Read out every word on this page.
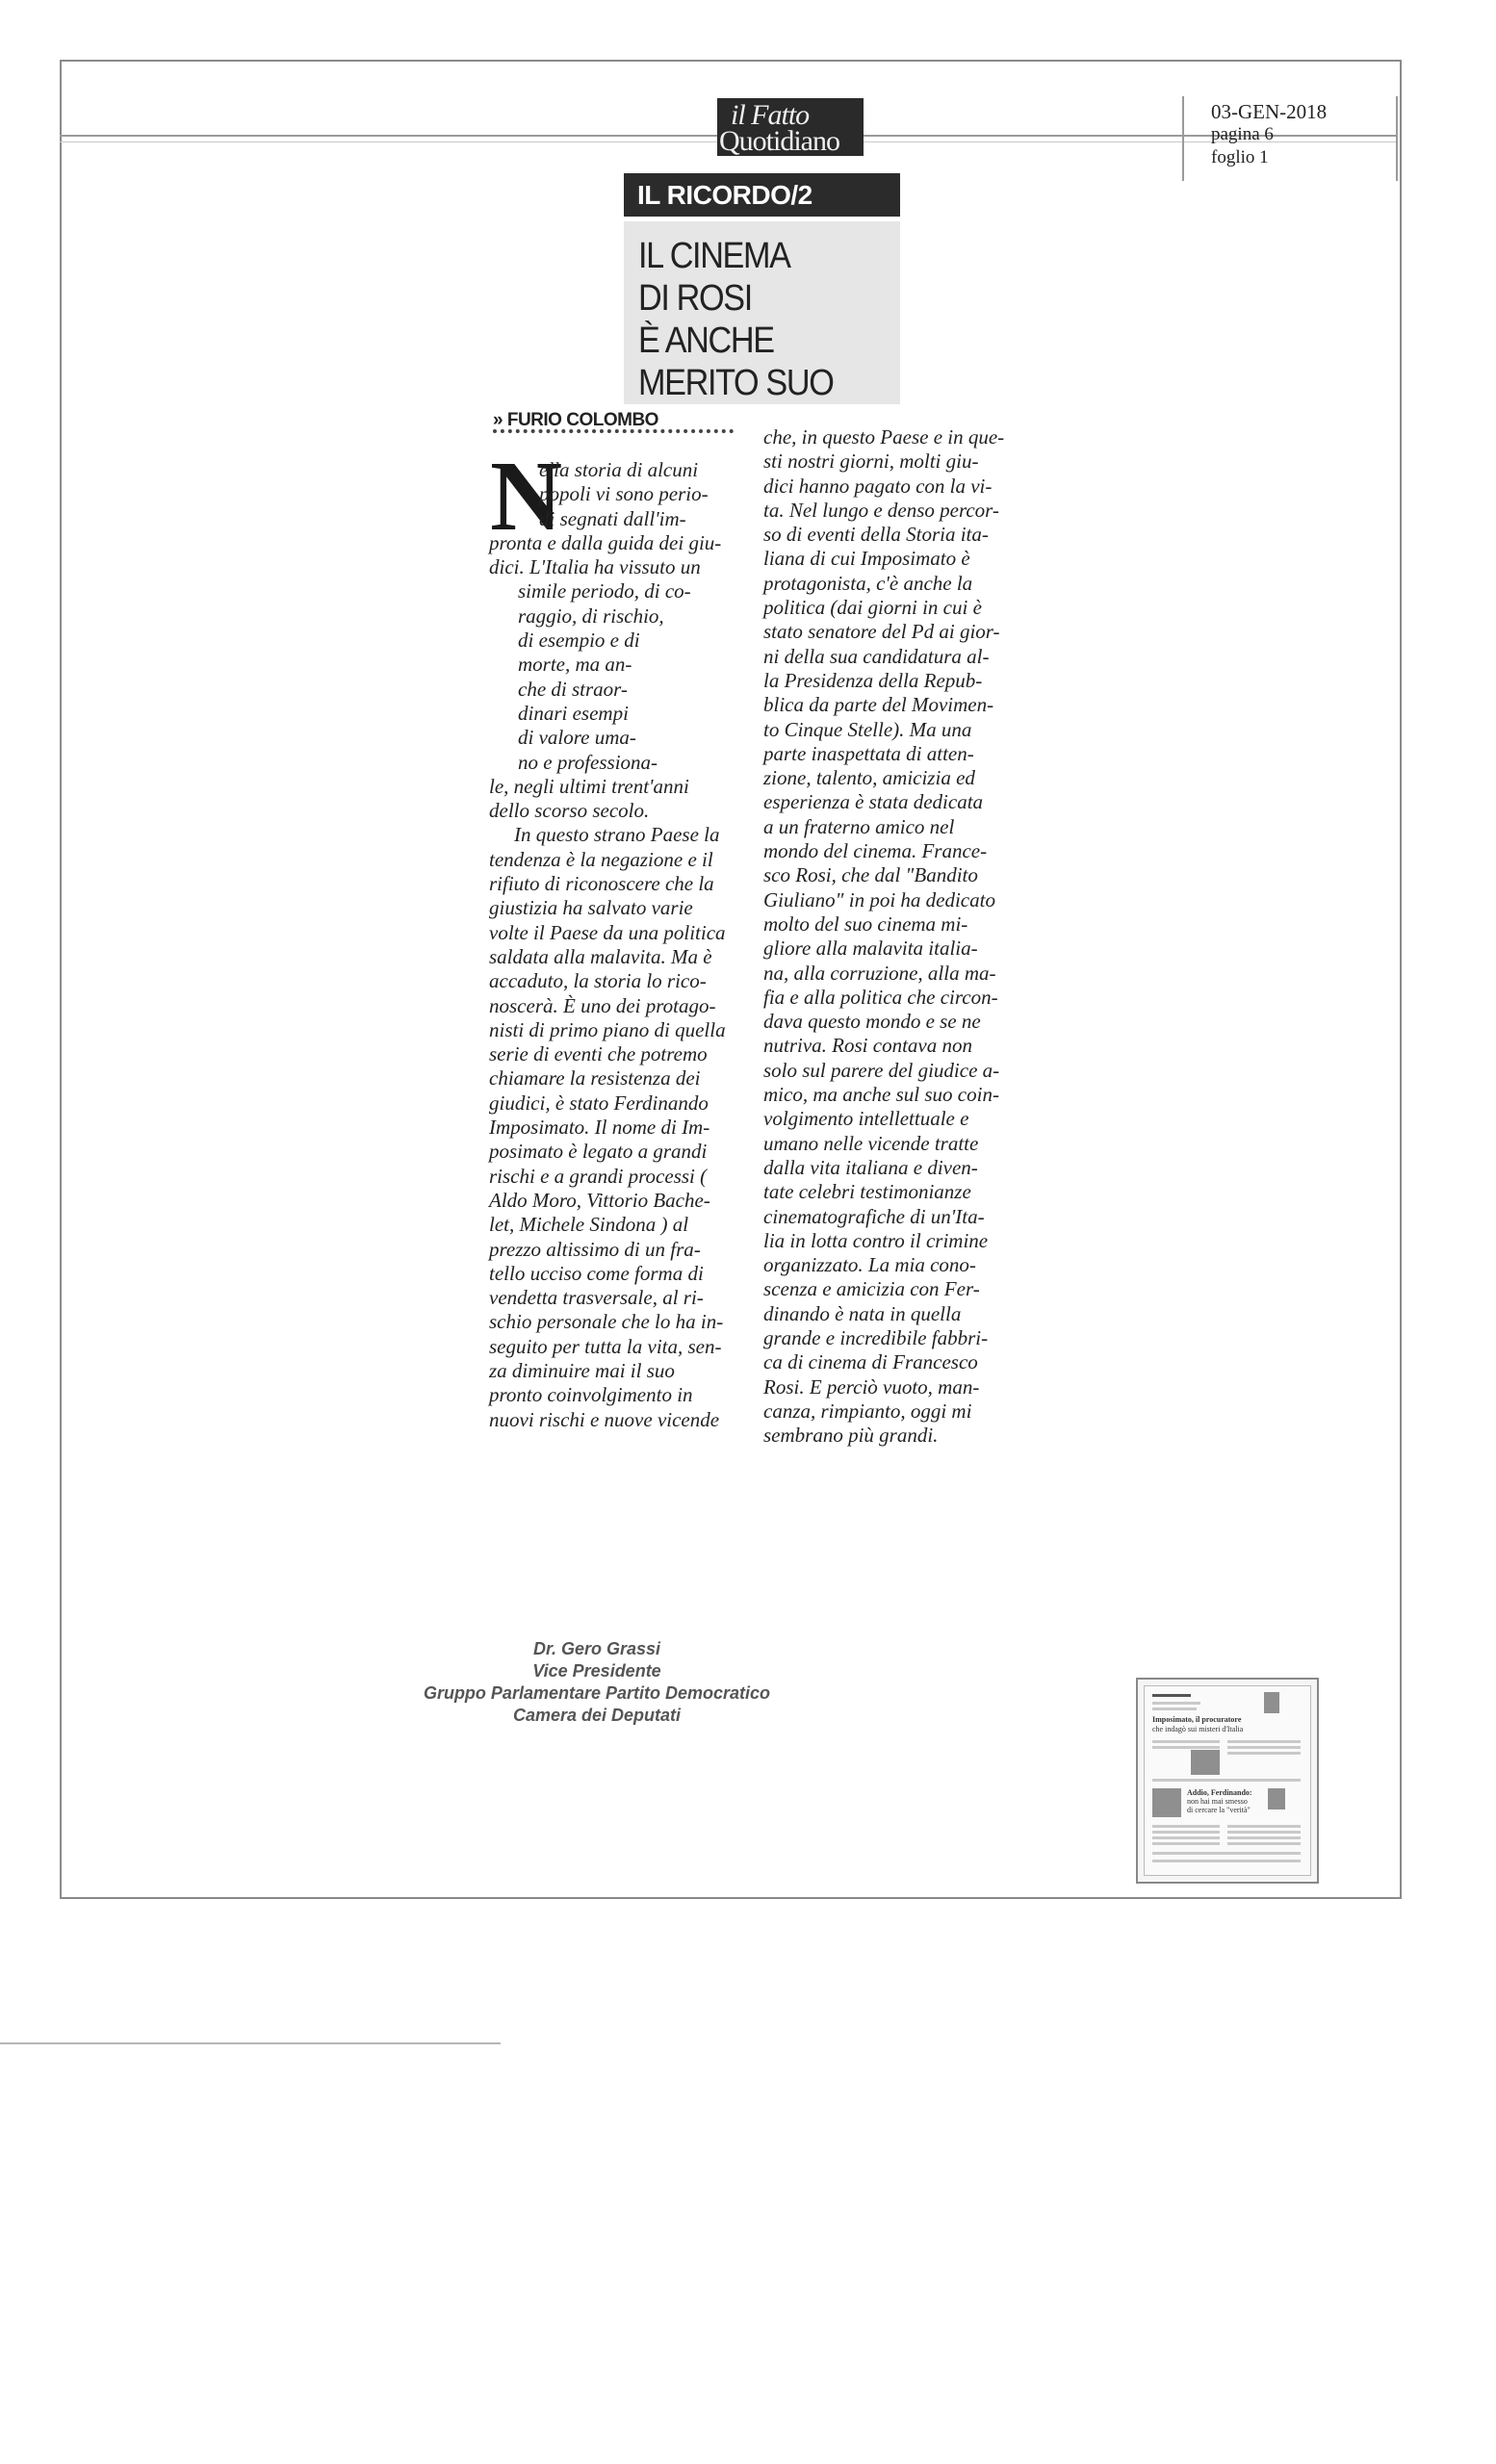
03-GEN-2018
pagina 6
foglio 1
il Fatto
Quotidiano
IL RICORDO/2
IL CINEMA
DI ROSI
È ANCHE
MERITO SUO
» FURIO COLOMBO
N
ella storia di alcuni
popoli vi sono perio-
di segnati dall'im-
pronta e dalla guida dei giu-
dici. L'Italia ha vissuto un
simile periodo, di co-
raggio, di rischio,
di esempio e di
morte, ma an-
che di straor-
dinari esempi
di valore uma-
no e professiona-
le, negli ultimi trent'anni
dello scorso secolo.
In questo strano Paese la
tendenza è la negazione e il
rifiuto di riconoscere che la
giustizia ha salvato varie
volte il Paese da una politica
saldata alla malavita. Ma è
accaduto, la storia lo rico-
noscerà. È uno dei protago-
nisti di primo piano di quella
serie di eventi che potremo
chiamare la resistenza dei
giudici, è stato Ferdinando
Imposimato. Il nome di Im-
posimato è legato a grandi
rischi e a grandi processi (
Aldo Moro, Vittorio Bache-
let, Michele Sindona ) al
prezzo altissimo di un fra-
tello ucciso come forma di
vendetta trasversale, al ri-
schio personale che lo ha in-
seguito per tutta la vita, sen-
za diminuire mai il suo
pronto coinvolgimento in
nuovi rischi e nuove vicende
che, in questo Paese e in que-
sti nostri giorni, molti giu-
dici hanno pagato con la vi-
ta. Nel lungo e denso percor-
so di eventi della Storia ita-
liana di cui Imposimato è
protagonista, c'è anche la
politica (dai giorni in cui è
stato senatore del Pd ai gior-
ni della sua candidatura al-
la Presidenza della Repub-
blica da parte del Movimen-
to Cinque Stelle). Ma una
parte inaspettata di atten-
zione, talento, amicizia ed
esperienza è stata dedicata
a un fraterno amico nel
mondo del cinema. France-
sco Rosi, che dal "Bandito
Giuliano" in poi ha dedicato
molto del suo cinema mi-
gliore alla malavita italia-
na, alla corruzione, alla ma-
fia e alla politica che circon-
dava questo mondo e se ne
nutriva. Rosi contava non
solo sul parere del giudice a-
mico, ma anche sul suo coin-
volgimento intellettuale e
umano nelle vicende tratte
dalla vita italiana e diven-
tate celebri testimonianze
cinematografiche di un'Ita-
lia in lotta contro il crimine
organizzato. La mia cono-
scenza e amicizia con Fer-
dinando è nata in quella
grande e incredibile fabbri-
ca di cinema di Francesco
Rosi. E perciò vuoto, man-
canza, rimpianto, oggi mi
sembrano più grandi.
Dr. Gero Grassi
Vice Presidente
Gruppo Parlamentare Partito Democratico
Camera dei Deputati	Imposimato, il procuratore
che indagò sui misteri d'Italia
Addio, Ferdinando:
non hai mai smesso
di cercare la "verità"
